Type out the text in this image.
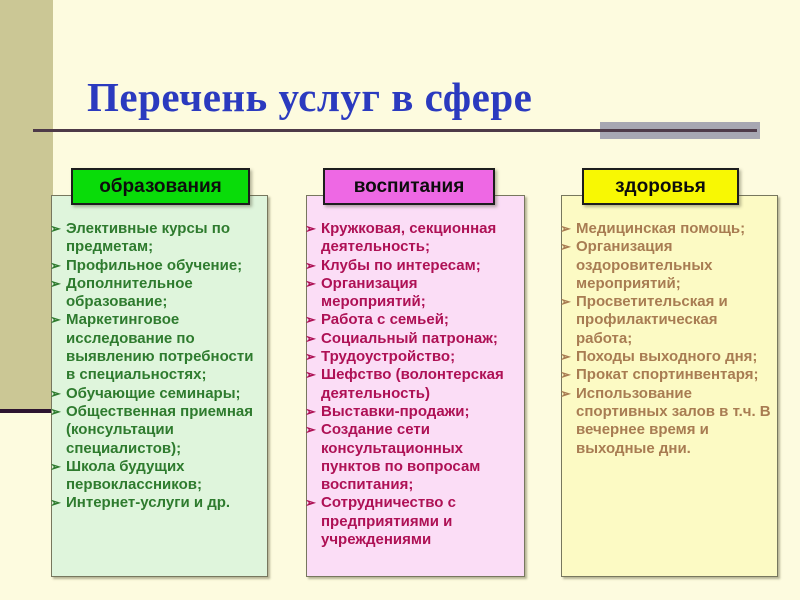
Перечень услуг в сфере
образования
➢ Элективные курсы по предметам;
➢ Профильное обучение;
➢ Дополнительное образование;
➢ Маркетинговое исследование по выявлению потребности в специальностях;
➢ Обучающие семинары;
➢ Общественная приемная (консультации специалистов);
➢ Школа будущих первоклассников;
➢ Интернет-услуги и др.
воспитания
➢ Кружковая, секционная деятельность;
➢ Клубы по интересам;
➢ Организация мероприятий;
➢ Работа с семьей;
➢ Социальный патронаж;
➢ Трудоустройство;
➢ Шефство (волонтерская деятельность)
➢ Выставки-продажи;
➢ Создание сети консультационных пунктов по вопросам воспитания;
➢ Сотрудничество с предприятиями и учреждениями
здоровья
➢ Медицинская помощь;
➢ Организация оздоровительных мероприятий;
➢ Просветительская и профилактическая работа;
➢ Походы выходного дня;
➢ Прокат спортинвентаря;
➢ Использование спортивных залов в т.ч. В вечернее время и выходные дни.
